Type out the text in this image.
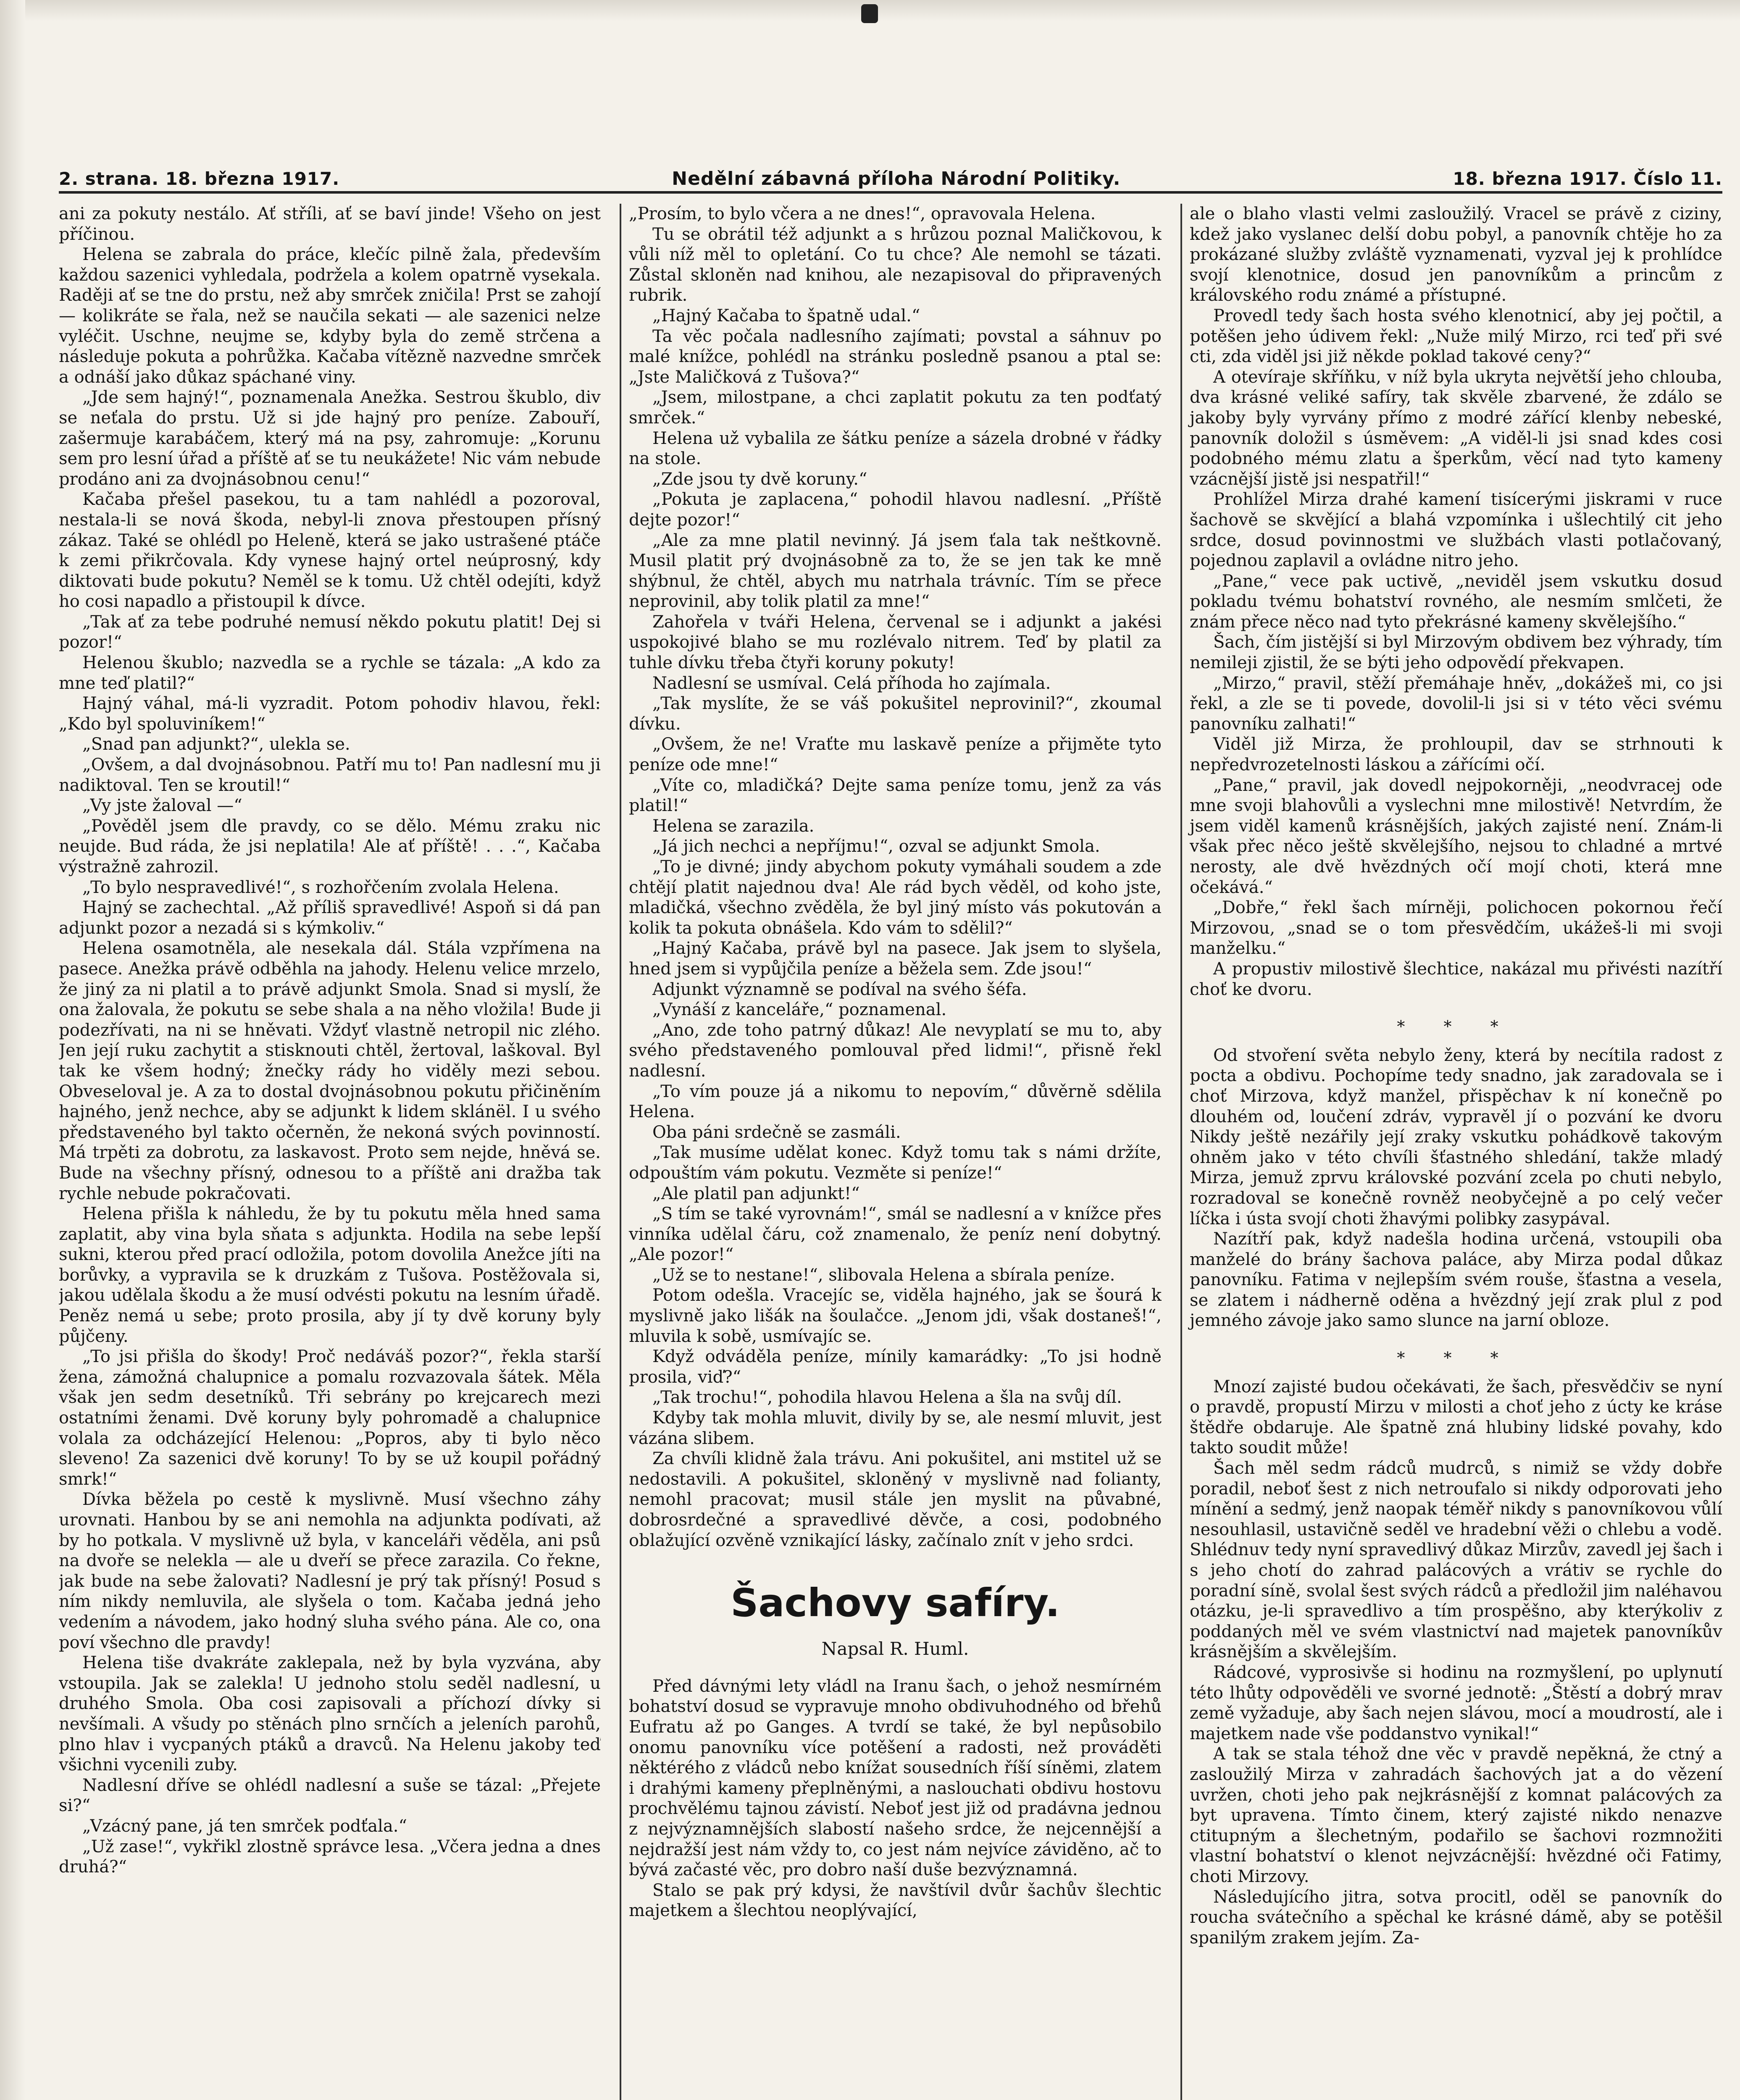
2. strana. 18. března 1917.	Nedělní zábavná příloha Národní Politiky.	18. března 1917. Číslo 11.

ani za pokuty nestálo. Ať stříli, ať se baví jinde! Všeho on jest příčinou.

Helena se zabrala do práce, klečíc pilně žala, především každou sazenici vyhledala, podržela a kolem opatrně vysekala. Raději ať se tne do prstu, než aby smrček zničila! Prst se zahojí — kolikráte se řala, než se naučila sekati — ale sazenici nelze vyléčit. Uschne, neujme se, kdyby byla do země strčena a následuje pokuta a pohrůžka. Kačaba vítězně nazvedne smrček a odnáší jako důkaz spáchané viny.

„Jde sem hajný!“, poznamenala Anežka. Sestrou škublo, div se neťala do prstu. Už si jde hajný pro peníze. Zabouří, zašermuje karabáčem, který má na psy, zahromuje: „Korunu sem pro lesní úřad a příště ať se tu neukážete! Nic vám nebude prodáno ani za dvojnásobnou cenu!“

Kačaba přešel pasekou, tu a tam nahlédl a pozoroval, nestala-li se nová škoda, nebyl-li znova přestoupen přísný zákaz. Také se ohlédl po Heleně, která se jako ustrašené ptáče k zemi přikrčovala. Kdy vynese hajný ortel neúprosný, kdy diktovati bude pokutu? Neměl se k tomu. Už chtěl odejíti, když ho cosi napadlo a přistoupil k dívce.

„Tak ať za tebe podruhé nemusí někdo pokutu platit! Dej si pozor!“

Helenou škublo; nazvedla se a rychle se tázala: „A kdo za mne teď platil?“

Hajný váhal, má-li vyzradit. Potom pohodiv hlavou, řekl: „Kdo byl spoluviníkem!“

„Snad pan adjunkt?“, ulekla se.

„Ovšem, a dal dvojnásobnou. Patří mu to! Pan nadlesní mu ji nadiktoval. Ten se kroutil!“

„Vy jste žaloval —“

„Pověděl jsem dle pravdy, co se dělo. Mému zraku nic neujde. Bud ráda, že jsi neplatila! Ale ať příště! . . .“, Kačaba výstražně zahrozil.

„To bylo nespravedlivé!“, s rozhořčením zvolala Helena.

Hajný se zachechtal. „Až příliš spravedlivé! Aspoň si dá pan adjunkt pozor a nezadá si s kýmkoliv.“

Helena osamotněla, ale nesekala dál. Stála vzpřímena na pasece. Anežka právě odběhla na jahody. Helenu velice mrzelo, že jiný za ni platil a to právě adjunkt Smola. Snad si myslí, že ona žalovala, že pokutu se sebe shala a na něho vložila! Bude ji podezřívati, na ni se hněvati. Vždyť vlastně netropil nic zlého. Jen její ruku zachytit a stisknouti chtěl, žertoval, laškoval. Byl tak ke všem hodný; žnečky rády ho viděly mezi sebou. Obveseloval je. A za to dostal dvojnásobnou pokutu přičiněním hajného, jenž nechce, aby se adjunkt k lidem sklánël. I u svého představeného byl takto očerněn, že nekoná svých povinností. Má trpěti za dobrotu, za laskavost. Proto sem nejde, hněvá se. Bude na všechny přísný, odnesou to a příště ani dražba tak rychle nebude pokračovati.

Helena přišla k náhledu, že by tu pokutu měla hned sama zaplatit, aby vina byla sňata s adjunkta. Hodila na sebe lepší sukni, kterou před prací odložila, potom dovolila Anežce jíti na borůvky, a vypravila se k druzkám z Tušova. Postěžovala si, jakou udělala škodu a že musí odvésti pokutu na lesním úřadě. Peněz nemá u sebe; proto prosila, aby jí ty dvě koruny byly půjčeny.

„To jsi přišla do škody! Proč nedáváš pozor?“, řekla starší žena, zámožná chalupnice a pomalu rozvazovala šátek. Měla však jen sedm desetníků. Tři sebrány po krejcarech mezi ostatními ženami. Dvě koruny byly pohromadě a chalupnice volala za odcházející Helenou: „Popros, aby ti bylo něco sleveno! Za sazenici dvě koruny! To by se už koupil pořádný smrk!“

Dívka běžela po cestě k myslivně. Musí všechno záhy urovnati. Hanbou by se ani nemohla na adjunkta podívati, až by ho potkala. V myslivně už byla, v kanceláři věděla, ani psů na dvoře se nelekla — ale u dveří se přece zarazila. Co řekne, jak bude na sebe žalovati? Nadlesní je prý tak přísný! Posud s ním nikdy nemluvila, ale slyšela o tom. Kačaba jedná jeho vedením a návodem, jako hodný sluha svého pána. Ale co, ona poví všechno dle pravdy!

Helena tiše dvakráte zaklepala, než by byla vyzvána, aby vstoupila. Jak se zalekla! U jednoho stolu seděl nadlesní, u druhého Smola. Oba cosi zapisovali a příchozí dívky si nevšímali. A všudy po stěnách plno srnčích a jeleních parohů, plno hlav i vycpaných ptáků a dravců. Na Helenu jakoby teď všichni vycenili zuby.

Nadlesní dříve se ohlédl nadlesní a suše se tázal: „Přejete si?“

„Vzácný pane, já ten smrček podťala.“

„Už zase!“, vykřikl zlostně správce lesa. „Včera jedna a dnes druhá?“

„Prosím, to bylo včera a ne dnes!“, opravovala Helena.

Tu se obrátil též adjunkt a s hrůzou poznal Maličkovou, k vůli níž měl to opletání. Co tu chce? Ale nemohl se tázati. Zůstal skloněn nad knihou, ale nezapisoval do připravených rubrik.

„Hajný Kačaba to špatně udal.“

Ta věc počala nadlesního zajímati; povstal a sáhnuv po malé knížce, pohlédl na stránku posledně psanou a ptal se: „Jste Maličková z Tušova?“

„Jsem, milostpane, a chci zaplatit pokutu za ten podťatý smrček.“

Helena už vybalila ze šátku peníze a sázela drobné v řádky na stole.

„Zde jsou ty dvě koruny.“

„Pokuta je zaplacena,“ pohodil hlavou nadlesní. „Příště dejte pozor!“

„Ale za mne platil nevinný. Já jsem ťala tak neštkovně. Musil platit prý dvojnásobně za to, že se jen tak ke mně shýbnul, že chtěl, abych mu natrhala trávníc. Tím se přece neprovinil, aby tolik platil za mne!“

Zahořela v tváři Helena, červenal se i adjunkt a jakési uspokojivé blaho se mu rozlévalo nitrem. Teď by platil za tuhle dívku třeba čtyři koruny pokuty!

Nadlesní se usmíval. Celá příhoda ho zajímala.

„Tak myslíte, že se váš pokušitel neprovinil?“, zkoumal dívku.

„Ovšem, že ne! Vraťte mu laskavě peníze a přijměte tyto peníze ode mne!“

„Víte co, mladičká? Dejte sama peníze tomu, jenž za vás platil!“

Helena se zarazila.

„Já jich nechci a nepříjmu!“, ozval se adjunkt Smola.

„To je divné; jindy abychom pokuty vymáhali soudem a zde chtějí platit najednou dva! Ale rád bych věděl, od koho jste, mladičká, všechno zvěděla, že byl jiný místo vás pokutován a kolik ta pokuta obnášela. Kdo vám to sdělil?“

„Hajný Kačaba, právě byl na pasece. Jak jsem to slyšela, hned jsem si vypůjčila peníze a běžela sem. Zde jsou!“

Adjunkt významně se podíval na svého šéfa.

„Vynáší z kanceláře,“ poznamenal.

„Ano, zde toho patrný důkaz! Ale nevyplatí se mu to, aby svého představeného pomlouval před lidmi!“, přisně řekl nadlesní.

„To vím pouze já a nikomu to nepovím,“ důvěrně sdělila Helena.

Oba páni srdečně se zasmáli.

„Tak musíme udělat konec. Když tomu tak s námi držíte, odpouštím vám pokutu. Vezměte si peníze!“

„Ale platil pan adjunkt!“

„S tím se také vyrovnám!“, smál se nadlesní a v knížce přes vinníka udělal čáru, což znamenalo, že peníz není dobytný. „Ale pozor!“

„Už se to nestane!“, slibovala Helena a sbírala peníze.

Potom odešla. Vracejíc se, viděla hajného, jak se šourá k myslivně jako lišák na šoulačce. „Jenom jdi, však dostaneš!“, mluvila k sobě, usmívajíc se.

Když odváděla peníze, mínily kamarádky: „To jsi hodně prosila, viď?“

„Tak trochu!“, pohodila hlavou Helena a šla na svůj díl.

Kdyby tak mohla mluvit, divily by se, ale nesmí mluvit, jest vázána slibem.

Za chvíli klidně žala trávu. Ani pokušitel, ani mstitel už se nedostavili. A pokušitel, skloněný v myslivně nad folianty, nemohl pracovat; musil stále jen myslit na půvabné, dobrosrdečné a spravedlivé děvče, a cosi, podobného oblažující ozvěně vznikající lásky, začínalo znít v jeho srdci.

Šachovy safíry.
Napsal R. Huml.

Před dávnými lety vládl na Iranu šach, o jehož nesmírném bohatství dosud se vypravuje mnoho obdivuhodného od břehů Eufratu až po Ganges. A tvrdí se také, že byl nepůsobilo onomu panovníku více potěšení a radosti, než prováděti něktérého z vládců nebo knížat sousedních říší síněmi, zlatem i drahými kameny přeplněnými, a naslouchati obdivu hostovu prochvělému tajnou závistí. Neboť jest již od pradávna jednou z nejvýznamnějších slabostí našeho srdce, že nejcennější a nejdražší jest nám vždy to, co jest nám nejvíce záviděno, ač to bývá začasté věc, pro dobro naší duše bezvýznamná.

Stalo se pak prý kdysi, že navštívil dvůr šachův šlechtic majetkem a šlechtou neoplývající,

ale o blaho vlasti velmi zasloužilý. Vracel se právě z ciziny, kdež jako vyslanec delší dobu pobyl, a panovník chtěje ho za prokázané služby zvláště vyznamenati, vyzval jej k prohlídce svojí klenotnice, dosud jen panovníkům a princům z královského rodu známé a přístupné.

Provedl tedy šach hosta svého klenotnicí, aby jej počtil, a potěšen jeho údivem řekl: „Nuže milý Mirzo, rci teď při své cti, zda viděl jsi již někde poklad takové ceny?“

A otevíraje skříňku, v níž byla ukryta největší jeho chlouba, dva krásné veliké safíry, tak skvěle zbarvené, že zdálo se jakoby byly vyrvány přímo z modré zářící klenby nebeské, panovník doložil s úsměvem: „A viděl-li jsi snad kdes cosi podobného mému zlatu a šperkům, věcí nad tyto kameny vzácnější jistě jsi nespatřil!“

Prohlížel Mirza drahé kamení tisícerými jiskrami v ruce šachově se skvějící a blahá vzpomínka i ušlechtilý cit jeho srdce, dosud povinnostmi ve službách vlasti potlačovaný, pojednou zaplavil a ovládne nitro jeho.

„Pane,“ vece pak uctivě, „neviděl jsem vskutku dosud pokladu tvému bohatství rovného, ale nesmím smlčeti, že znám přece něco nad tyto překrásné kameny skvělejšího.“

Šach, čím jistější si byl Mirzovým obdivem bez výhrady, tím nemileji zjistil, že se býti jeho odpovědí překvapen.

„Mirzo,“ pravil, stěží přemáhaje hněv, „dokážeš mi, co jsi řekl, a zle se ti povede, dovolil-li jsi si v této věci svému panovníku zalhati!“

Viděl již Mirza, že prohloupil, dav se strhnouti k nepředvrozetelnosti láskou a zářícími očí.

„Pane,“ pravil, jak dovedl nejpokorněji, „neodvracej ode mne svoji blahovůli a vyslechni mne milostivě! Netvrdím, že jsem viděl kamenů krásnějších, jakých zajisté není. Znám-li však přec něco ještě skvělejšího, nejsou to chladné a mrtvé nerosty, ale dvě hvězdných očí mojí choti, která mne očekává.“

„Dobře,“ řekl šach mírněji, polichocen pokornou řečí Mirzovou, „snad se o tom přesvědčím, ukážeš-li mi svoji manželku.“

A propustiv milostivě šlechtice, nakázal mu přivésti nazítří choť ke dvoru.

* * *

Od stvoření světa nebylo ženy, která by necítila radost z pocta a obdivu. Pochopíme tedy snadno, jak zaradovala se i choť Mirzova, když manžel, přispěchav k ní konečně po dlouhém od, loučení zdráv, vypravěl jí o pozvání ke dvoru Nikdy ještě nezářily její zraky vskutku pohádkově takovým ohněm jako v této chvíli šťastného shledání, takže mladý Mirza, jemuž zprvu královské pozvání zcela po chuti nebylo, rozradoval se konečně rovněž neobyčejně a po celý večer líčka i ústa svojí choti žhavými polibky zasypával.

Nazítří pak, když nadešla hodina určená, vstoupili oba manželé do brány šachova paláce, aby Mirza podal důkaz panovníku. Fatima v nejlepším svém rouše, šťastna a vesela, se zlatem i nádherně oděna a hvězdný její zrak plul z pod jemného závoje jako samo slunce na jarní obloze.

* * *

Mnozí zajisté budou očekávati, že šach, přesvědčiv se nyní o pravdě, propustí Mirzu v milosti a choť jeho z úcty ke kráse štědře obdaruje. Ale špatně zná hlubiny lidské povahy, kdo takto soudit může!

Šach měl sedm rádců mudrců, s nimiž se vždy dobře poradil, neboť šest z nich netroufalo si nikdy odporovati jeho mínění a sedmý, jenž naopak téměř nikdy s panovníkovou vůlí nesouhlasil, ustavičně seděl ve hradební věži o chlebu a vodě. Shlédnuv tedy nyní spravedlivý důkaz Mirzův, zavedl jej šach i s jeho chotí do zahrad palácových a vrátiv se rychle do poradní síně, svolal šest svých rádců a předložil jim naléhavou otázku, je-li spravedlivo a tím prospěšno, aby kterýkoliv z poddaných měl ve svém vlastnictví nad majetek panovníkův krásnějším a skvělejším.

Rádcové, vyprosivše si hodinu na rozmyšlení, po uplynutí této lhůty odpověděli ve svorné jednotě: „Štěstí a dobrý mrav země vyžaduje, aby šach nejen slávou, mocí a moudrostí, ale i majetkem nade vše poddanstvo vynikal!“

A tak se stala téhož dne věc v pravdě nepěkná, že ctný a zasloužilý Mirza v zahradách šachových jat a do vězení uvržen, choti jeho pak nejkrásnější z komnat palácových za byt upravena. Tímto činem, který zajisté nikdo nenazve ctitupným a šlechetným, podařilo se šachovi rozmnožiti vlastní bohatství o klenot nejvzácnější: hvězdné oči Fatimy, choti Mirzovy.

Následujícího jitra, sotva procitl, oděl se panovník do roucha svátečního a spěchal ke krásné dámě, aby se potěšil spanilým zrakem jejím. Za-
